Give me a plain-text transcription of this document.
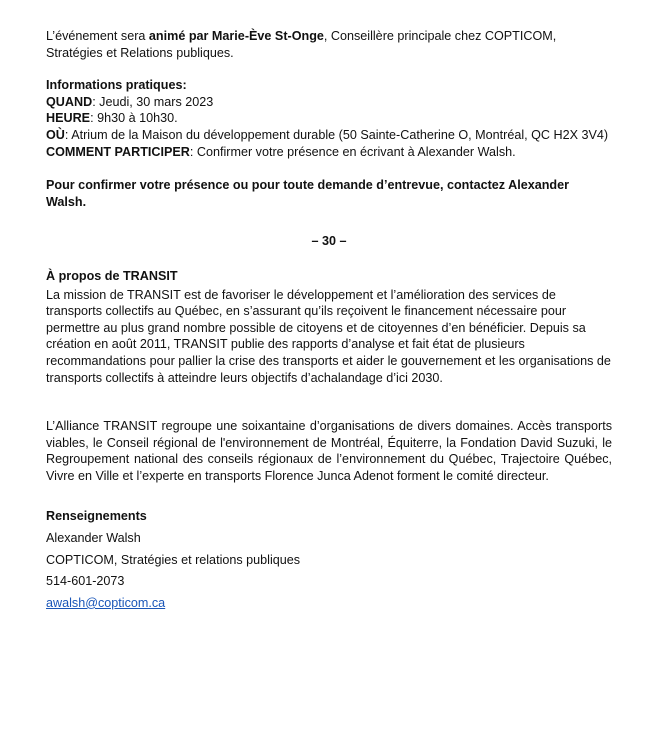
L’événement sera animé par Marie-Ève St-Onge, Conseillère principale chez COPTICOM, Stratégies et Relations publiques.

Informations pratiques:

QUAND: Jeudi, 30 mars 2023

HEURE: 9h30 à 10h30.

OÙ: Atrium de la Maison du développement durable (50 Sainte-Catherine O, Montréal, QC H2X 3V4)

COMMENT PARTICIPER: Confirmer votre présence en écrivant à Alexander Walsh.

Pour confirmer votre présence ou pour toute demande d’entrevue, contactez Alexander Walsh.

– 30 –

À propos de TRANSIT

La mission de TRANSIT est de favoriser le développement et l’amélioration des services de transports collectifs au Québec, en s’assurant qu’ils reçoivent le financement nécessaire pour permettre au plus grand nombre possible de citoyens et de citoyennes d’en bénéficier. Depuis sa création en août 2011, TRANSIT publie des rapports d’analyse et fait état de plusieurs recommandations pour pallier la crise des transports et aider le gouvernement et les organisations de transports collectifs à atteindre leurs objectifs d’achalandage d’ici 2030.

L’Alliance TRANSIT regroupe une soixantaine d’organisations de divers domaines. Accès transports viables, le Conseil régional de l'environnement de Montréal, Équiterre, la Fondation David Suzuki, le Regroupement national des conseils régionaux de l’environnement du Québec, Trajectoire Québec, Vivre en Ville et l’experte en transports Florence Junca Adenot forment le comité directeur.

Renseignements

Alexander Walsh

COPTICOM, Stratégies et relations publiques

514-601-2073

awalsh@copticom.ca
